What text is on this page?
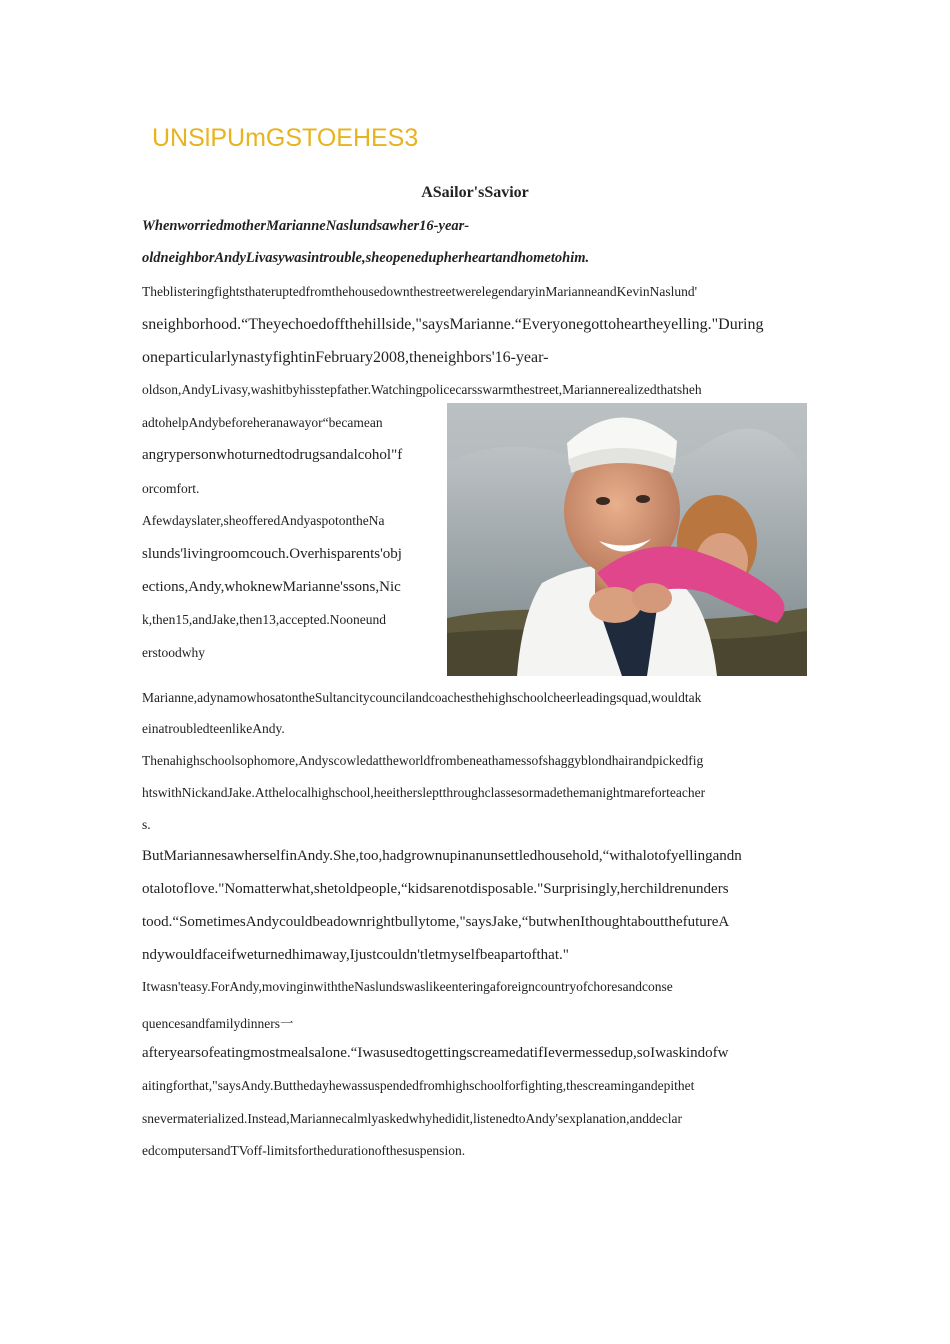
UNSlPUmGSTOEHES3
ASailor'sSavior

WhenworriedmotherMarianneNaslundsawher16-year-

oldneighborAndyLivasywasintrouble,sheopenedupherheartandhometohim.

TheblisteringfightsthateruptedfromthehousedownthestreetwerelegendaryinMarianneandKevinNaslund'

sneighborhood.“Theyechoedoffthehillside,"saysMarianne.“Everyonegottoheartheyelling."During

oneparticularlynastyfightinFebruary2008,theneighbors'16-year-

oldson,AndyLivasy,washitbyhisstepfather.Watchingpolicecarsswarmthestreet,Mariannerealizedthatsheh

adtohelpAndybeforeheranawayor“becamean

angrypersonwhoturnedtodrugsandalcohol"f

orcomfort.

Afewdayslater,sheofferedAndyaspotontheNa

slunds'livingroomcouch.Overhisparents'obj

ections,Andy,whoknewMarianne'ssons,Nic

k,then15,andJake,then13,accepted.Nooneund

erstoodwhy

Marianne,adynamowhosatontheSultancitycouncilandcoachesthehighschoolcheerleadingsquad,wouldtak

einatroubledteenlikeAndy.

Thenahighschoolsophomore,Andyscowledattheworldfrombeneathamessofshaggyblondhairandpickedfig

htswithNickandJake.Atthelocalhighschool,heeithersleptthroughclassesormadethemanightmareforteacher

s.

ButMariannesawherselfinAndy.She,too,hadgrownupinanunsettledhousehold,“withalotofyellingandn

otalotoflove."Nomatterwhat,shetoldpeople,“kidsarenotdisposable."Surprisingly,herchildrenunders

tood.“SometimesAndycouldbeadownrightbullytome,"saysJake,“butwhenIthoughtaboutthefutureA

ndywouldfaceifweturnedhimaway,Ijustcouldn'tletmyselfbeapartofthat."

Itwasn'teasy.ForAndy,movinginwiththeNaslundswaslikeenteringaforeigncountryofchoresandconse

quencesandfamilydinners一

afteryearsofeatingmostmealsalone.“IwasusedtogettingscreamedatifIevermessedup,soIwaskindofw

aitingforthat,"saysAndy.Butthedayhewassuspendedfromhighschoolforfighting,thescreamingandepithet

snevermaterialized.Instead,Mariannecalmlyaskedwhyhedidit,listenedtoAndy'sexplanation,anddeclar

edcomputersandTVoff-limitsforthedurationofthesuspension.
